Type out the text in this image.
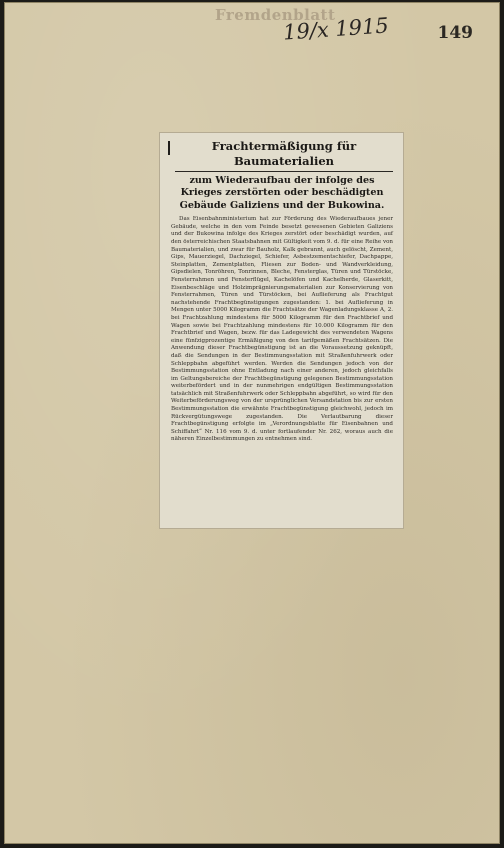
Fremdenblatt
19/x 1915	149
Frachtermäßigung für Baumaterialien
zum Wiederaufbau der infolge des Krieges zerstörten oder beschädigten Gebäude Galiziens und der Bukowina.

Das Eisenbahnministerium hat zur Förderung des Wiederaufbaues jener Gebäude, welche in den vom Feinde besetzt gewesenen Gebieten Galiziens und der Bukowina infolge des Krieges zerstört oder beschädigt wurden, auf den österreichischen Staatsbahnen mit Gültigkeit vom 9. d. für eine Reihe von Baumaterialien, und zwar für Bauholz, Kalk gebrannt, auch gelöscht, Zement, Gips, Mauerziegel, Dachziegel, Schiefer, Asbestzementschiefer, Dachpappe, Steinplatten, Zementplatten, Fliesen zur Boden- und Wandverkleidung, Gipsdielen, Tonröhren, Tonrinnen, Bleche, Fensterglas, Türen und Türstöcke, Fensterrahmen und Fensterflügel, Kachelöfen und Kachelherde, Glaserkitt, Eisenbeschläge und Holzimprägnierungsmaterialien zur Konservierung von Fensterrahmen, Türen und Türstöcken, bei Auflieferung als Frachtgut nachstehende Frachtbegünstigungen zugestanden: 1. bei Auflieferung in Mengen unter 5000 Kilogramm die Frachtsätze der Wagenladungsklasse A, 2. bei Frachtzahlung mindestens für 5000 Kilogramm für den Frachtbrief und Wagen sowie bei Frachtzahlung mindestens für 10.000 Kilogramm für den Frachtbrief und Wagen, bezw. für das Ladegewicht des verwendeten Wagens eine fünfzigprozentige Ermäßigung von den tarifgemäßen Frachtsätzen. Die Anwendung dieser Frachtbegünstigung ist an die Voraussetzung geknüpft, daß die Sendungen in der Bestimmungsstation mit Straßenfuhrwerk oder Schleppbahn abgeführt werden. Werden die Sendungen jedoch von der Bestimmungsstation ohne Entladung nach einer anderen, jedoch gleichfalls im Geltungsbereiche der Frachtbegünstigung gelegenen Bestimmungsstation weiterbefördert und in der nunmehrigen endgültigen Bestimmungsstation tatsächlich mit Straßenfuhrwerk oder Schleppbahn abgeführt, so wird für den Weiterbeförderungsweg von der ursprünglichen Versandstation bis zur ersten Bestimmungsstation die erwähnte Frachtbegünstigung gleichwohl, jedoch im Rückvergütungswege zugestanden. Die Verlautbarung dieser Frachtbegünstigung erfolgte im „Verordnungsblatte für Eisenbahnen und Schiffahrt“ Nr. 116 vom 9. d. unter fortlaufender Nr. 262, woraus auch die näheren Einzelbestimmungen zu entnehmen sind.
